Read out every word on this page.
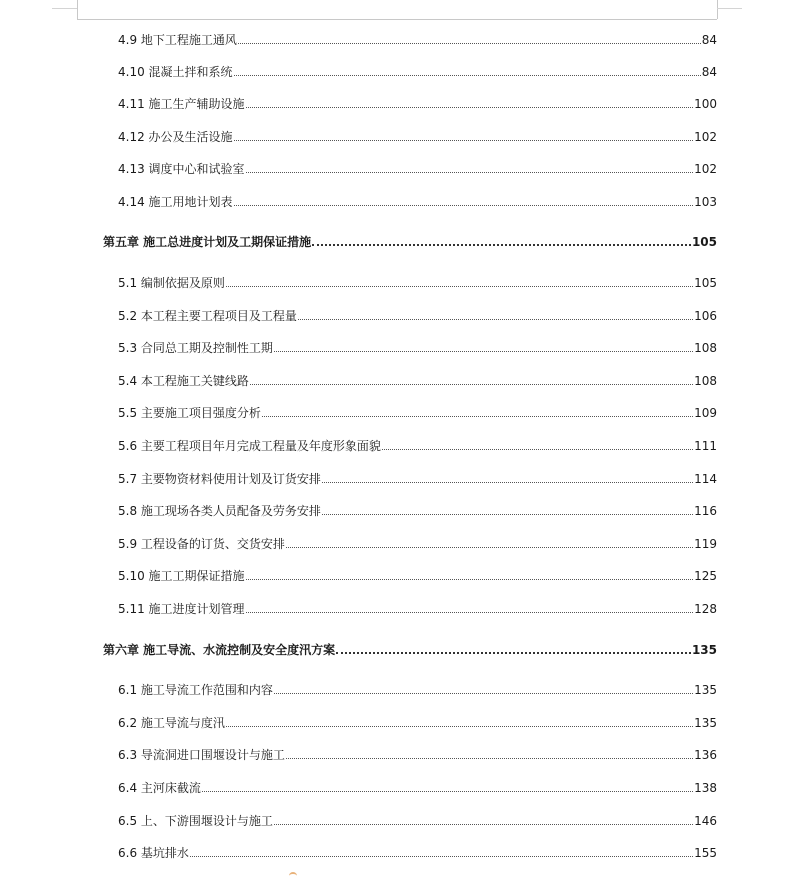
4.9 地下工程施工通风	84
4.10 混凝土拌和系统	84
4.11 施工生产辅助设施	100
4.12 办公及生活设施	102
4.13 调度中心和试验室	102
4.14 施工用地计划表	103
第五章 施工总进度计划及工期保证措施	105
5.1 编制依据及原则	105
5.2 本工程主要工程项目及工程量	106
5.3 合同总工期及控制性工期	108
5.4 本工程施工关键线路	108
5.5 主要施工项目强度分析	109
5.6 主要工程项目年月完成工程量及年度形象面貌	111
5.7 主要物资材料使用计划及订货安排	114
5.8 施工现场各类人员配备及劳务安排	116
5.9 工程设备的订货、交货安排	119
5.10 施工工期保证措施	125
5.11 施工进度计划管理	128
第六章 施工导流、水流控制及安全度汛方案	135
6.1 施工导流工作范围和内容	135
6.2 施工导流与度汛	135
6.3 导流洞进口围堰设计与施工	136
6.4 主河床截流	138
6.5 上、下游围堰设计与施工	146
6.6 基坑排水	155
